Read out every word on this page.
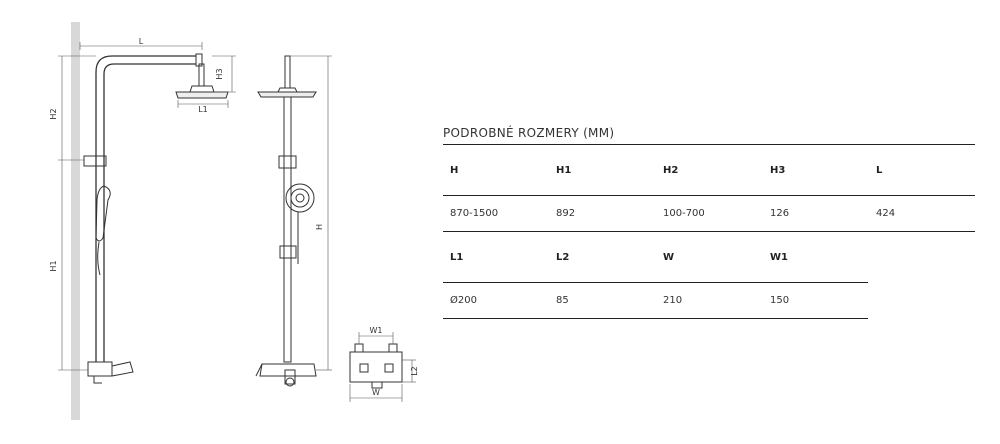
L
L1
H3
H2
H1
H
W1
W
L2
PODROBNÉ ROZMERY (MM)
H	H1	H2	H3	L
870-1500	892	100-700	126	424
L1	L2	W	W1
Ø200	85	210	150
